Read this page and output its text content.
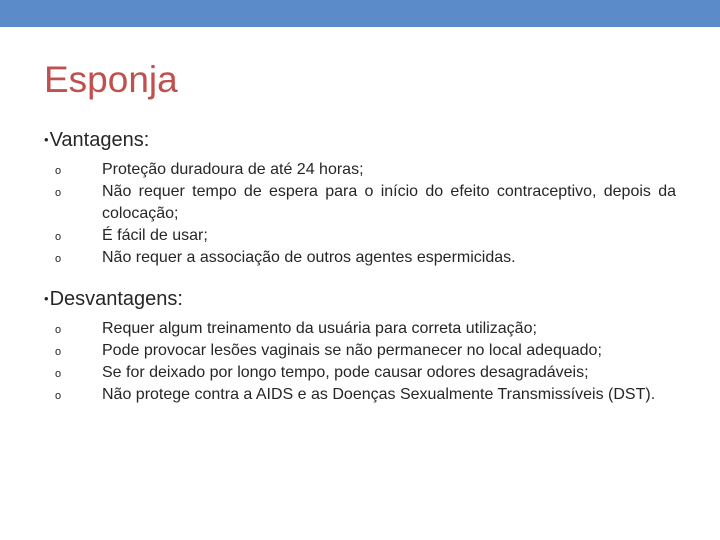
Esponja
•Vantagens:
o	Proteção duradoura de até 24 horas;
o	Não requer tempo de espera para o início do efeito contraceptivo, depois da colocação;
o	É fácil de usar;
o	Não requer a associação de outros agentes espermicidas.
•Desvantagens:
o	Requer algum treinamento da usuária para correta utilização;
o	Pode provocar lesões vaginais se não permanecer no local adequado;
o	Se for deixado por longo tempo, pode causar odores desagradáveis;
o	Não protege contra a AIDS e as Doenças Sexualmente Transmissíveis (DST).
